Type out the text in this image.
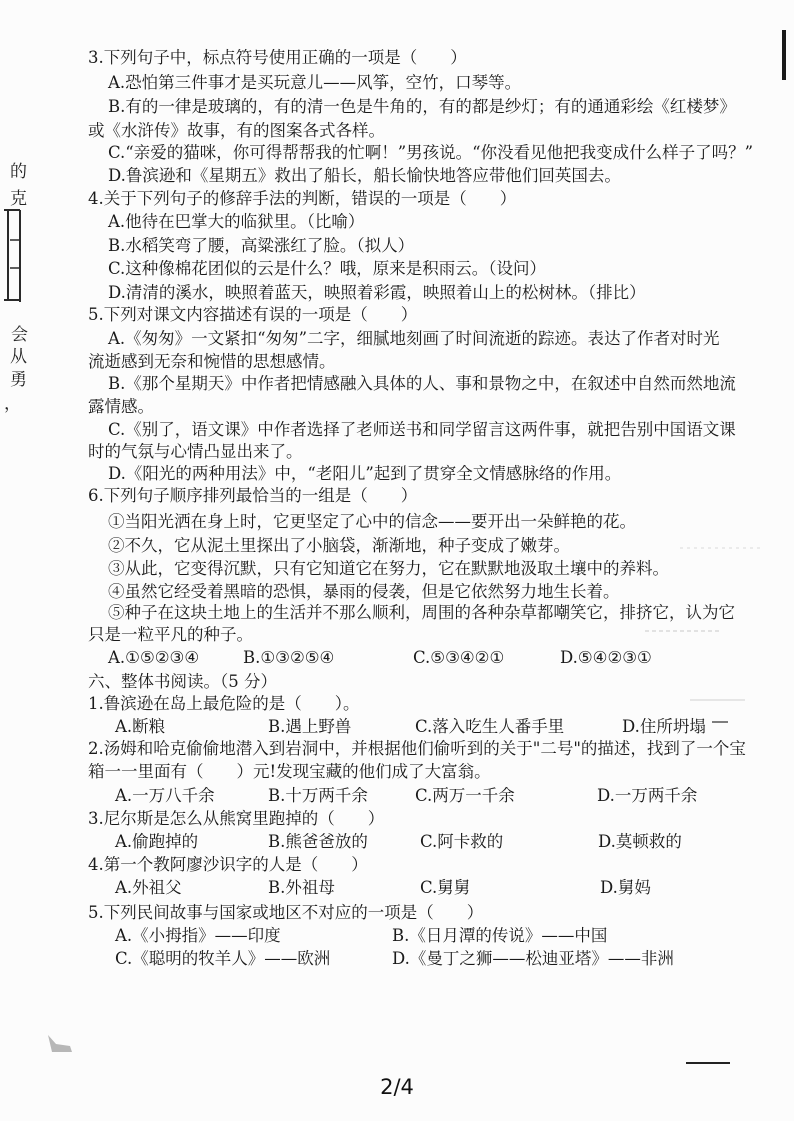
的
克
会
从
勇
，
3.下列句子中，标点符号使用正确的一项是（　　）
A.恐怕第三件事才是买玩意儿——风筝，空竹，口琴等。
B.有的一律是玻璃的，有的清一色是牛角的，有的都是纱灯；有的通通彩绘《红楼梦》
或《水浒传》故事，有的图案各式各样。
C.“亲爱的猫咪，你可得帮帮我的忙啊！”男孩说。“你没看见他把我变成什么样子了吗？”
D.鲁滨逊和《星期五》救出了船长，船长愉快地答应带他们回英国去。
4.关于下列句子的修辞手法的判断，错误的一项是（　　）
A.他待在巴掌大的临狱里。（比喻）
B.水稻笑弯了腰，高粱涨红了脸。（拟人）
C.这种像棉花团似的云是什么？哦，原来是积雨云。（设问）
D.清清的溪水，映照着蓝天，映照着彩霞，映照着山上的松树林。（排比）
5.下列对课文内容描述有误的一项是（　　）
A.《匆匆》一文紧扣“匆匆”二字，细腻地刻画了时间流逝的踪迹。表达了作者对时光
流逝感到无奈和惋惜的思想感情。
B.《那个星期天》中作者把情感融入具体的人、事和景物之中，在叙述中自然而然地流
露情感。
C.《别了，语文课》中作者选择了老师送书和同学留言这两件事，就把告别中国语文课
时的气氛与心情凸显出来了。
D.《阳光的两种用法》中，“老阳儿”起到了贯穿全文情感脉络的作用。
6.下列句子顺序排列最恰当的一组是（　　）
①当阳光洒在身上时，它更坚定了心中的信念——要开出一朵鲜艳的花。
②不久，它从泥土里探出了小脑袋，渐渐地，种子变成了嫩芽。
③从此，它变得沉默，只有它知道它在努力，它在默默地汲取土壤中的养料。
④虽然它经受着黑暗的恐惧，暴雨的侵袭，但是它依然努力地生长着。
⑤种子在这块土地上的生活并不那么顺利，周围的各种杂草都嘲笑它，排挤它，认为它
只是一粒平凡的种子。
A.①⑤②③④	B.①③②⑤④	C.⑤③④②①	D.⑤④②③①
六、整体书阅读。（5 分）
1.鲁滨逊在岛上最危险的是（　　）。
A.断粮	B.遇上野兽	C.落入吃生人番手里	D.住所坍塌
2.汤姆和哈克偷偷地潜入到岩洞中，并根据他们偷听到的关于"二号"的描述，找到了一个宝
箱一一里面有（　　）元!发现宝藏的他们成了大富翁。
A.一万八千余	B.十万两千余	C.两万一千余	D.一万两千余
3.尼尔斯是怎么从熊窝里跑掉的（　　）
A.偷跑掉的	B.熊爸爸放的	C.阿卡救的	D.莫顿救的
4.第一个教阿廖沙识字的人是（　　）
A.外祖父	B.外祖母	C.舅舅	D.舅妈
5.下列民间故事与国家或地区不对应的一项是（　　）
A.《小拇指》——印度	B.《日月潭的传说》——中国
C.《聪明的牧羊人》——欧洲	D.《曼丁之狮——松迪亚塔》——非洲
2/4
